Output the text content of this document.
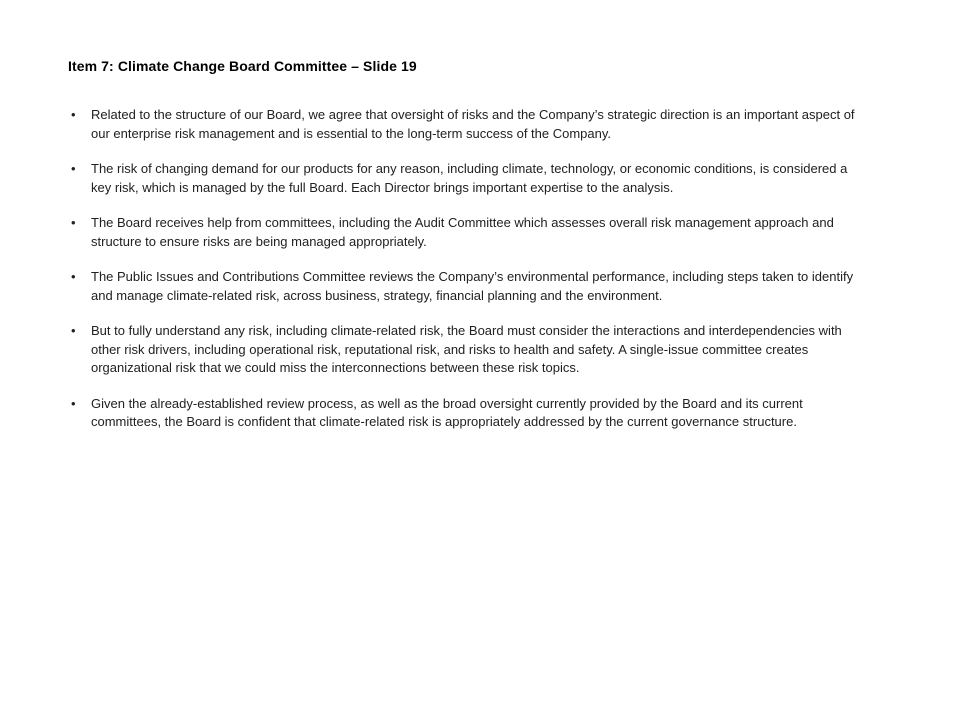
Item 7: Climate Change Board Committee – Slide 19
• Related to the structure of our Board, we agree that oversight of risks and the Company’s strategic direction is an important aspect of our enterprise risk management and is essential to the long-term success of the Company.
• The risk of changing demand for our products for any reason, including climate, technology, or economic conditions, is considered a key risk, which is managed by the full Board. Each Director brings important expertise to the analysis.
• The Board receives help from committees, including the Audit Committee which assesses overall risk management approach and structure to ensure risks are being managed appropriately.
• The Public Issues and Contributions Committee reviews the Company’s environmental performance, including steps taken to identify and manage climate-related risk, across business, strategy, financial planning and the environment.
• But to fully understand any risk, including climate-related risk, the Board must consider the interactions and interdependencies with other risk drivers, including operational risk, reputational risk, and risks to health and safety. A single-issue committee creates organizational risk that we could miss the interconnections between these risk topics.
• Given the already-established review process, as well as the broad oversight currently provided by the Board and its current committees, the Board is confident that climate-related risk is appropriately addressed by the current governance structure.
